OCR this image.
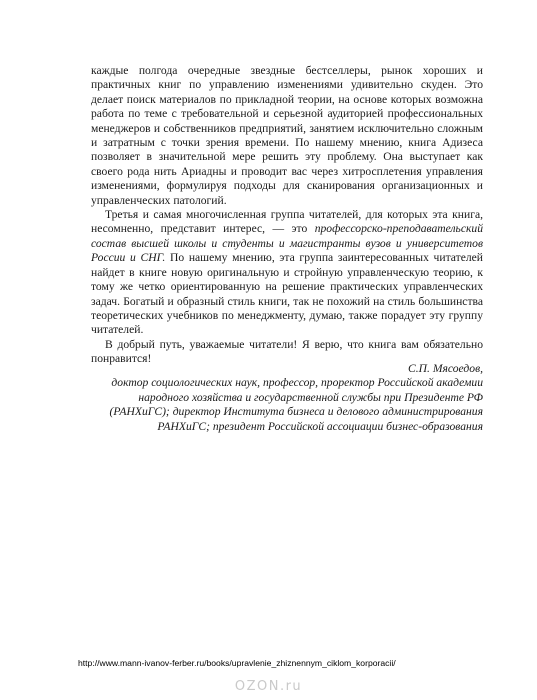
каждые полгода очередные звездные бестселлеры, рынок хороших и практичных книг по управлению изменениями удивительно скуден. Это делает поиск материалов по прикладной теории, на основе которых возможна работа по теме с требовательной и серьезной аудиторией профессиональных менеджеров и собственников предприятий, занятием исключительно сложным и затратным с точки зрения времени. По нашему мнению, книга Адизеса позволяет в значительной мере решить эту проблему. Она выступает как своего рода нить Ариадны и проводит вас через хитросплетения управления изменениями, формулируя подходы для сканирования организационных и управленческих патологий.

Третья и самая многочисленная группа читателей, для которых эта книга, несомненно, представит интерес, — это профессорско-преподавательский состав высшей школы и студенты и магистранты вузов и университетов России и СНГ. По нашему мнению, эта группа заинтересованных читателей найдет в книге новую оригинальную и стройную управленческую теорию, к тому же четко ориентированную на решение практических управленческих задач. Богатый и образный стиль книги, так не похожий на стиль большинства теоретических учебников по менеджменту, думаю, также порадует эту группу читателей.

В добрый путь, уважаемые читатели! Я верю, что книга вам обязательно понравится!

С.П. Мясоедов,
доктор социологических наук, профессор, проректор Российской академии народного хозяйства и государственной службы при Президенте РФ (РАНХиГС); директор Института бизнеса и делового администрирования РАНХиГС; президент Российской ассоциации бизнес-образования
http://www.mann-ivanov-ferber.ru/books/upravlenie_zhiznennym_ciklom_korporacii/
OZON.ru
